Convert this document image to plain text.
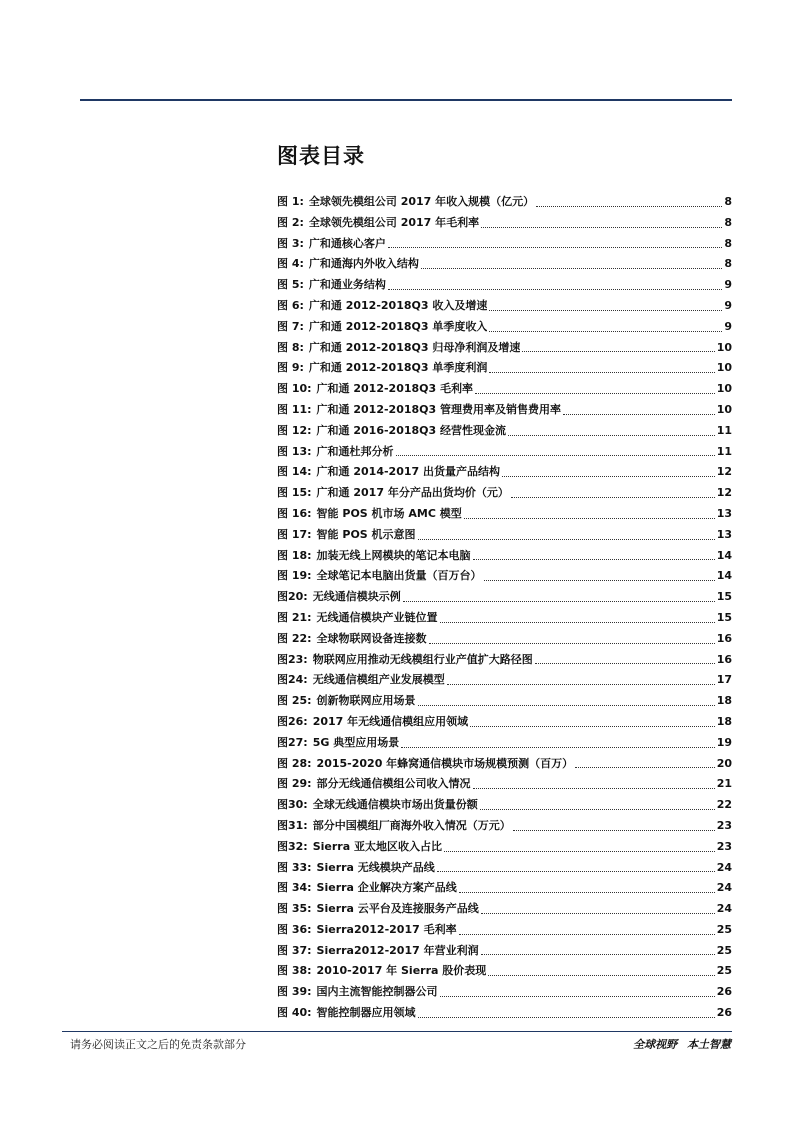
图表目录
图 1: 全球领先模组公司 2017 年收入规模（亿元）	8
图 2: 全球领先模组公司 2017 年毛利率	8
图 3: 广和通核心客户	8
图 4: 广和通海内外收入结构	8
图 5: 广和通业务结构	9
图 6: 广和通 2012-2018Q3 收入及增速	9
图 7: 广和通 2012-2018Q3 单季度收入	9
图 8: 广和通 2012-2018Q3 归母净利润及增速	10
图 9: 广和通 2012-2018Q3 单季度利润	10
图 10: 广和通 2012-2018Q3 毛利率	10
图 11: 广和通 2012-2018Q3 管理费用率及销售费用率	10
图 12: 广和通 2016-2018Q3 经营性现金流	11
图 13: 广和通杜邦分析	11
图 14: 广和通 2014-2017 出货量产品结构	12
图 15: 广和通 2017 年分产品出货均价（元）	12
图 16: 智能 POS 机市场 AMC 模型	13
图 17: 智能 POS 机示意图	13
图 18: 加装无线上网模块的笔记本电脑	14
图 19: 全球笔记本电脑出货量（百万台）	14
图20: 无线通信模块示例	15
图 21: 无线通信模块产业链位置	15
图 22: 全球物联网设备连接数	16
图23: 物联网应用推动无线模组行业产值扩大路径图	16
图24: 无线通信模组产业发展模型	17
图 25: 创新物联网应用场景	18
图26: 2017 年无线通信模组应用领域	18
图27: 5G 典型应用场景	19
图 28: 2015-2020 年蜂窝通信模块市场规模预测（百万）	20
图 29: 部分无线通信模组公司收入情况	21
图30: 全球无线通信模块市场出货量份额	22
图31: 部分中国模组厂商海外收入情况（万元）	23
图32: Sierra 亚太地区收入占比	23
图 33: Sierra 无线模块产品线	24
图 34: Sierra 企业解决方案产品线	24
图 35: Sierra 云平台及连接服务产品线	24
图 36: Sierra2012-2017 毛利率	25
图 37: Sierra2012-2017 年营业利润	25
图 38: 2010-2017 年 Sierra 股价表现	25
图 39: 国内主流智能控制器公司	26
图 40: 智能控制器应用领域	26

请务必阅读正文之后的免责条款部分	全球视野 本土智慧
